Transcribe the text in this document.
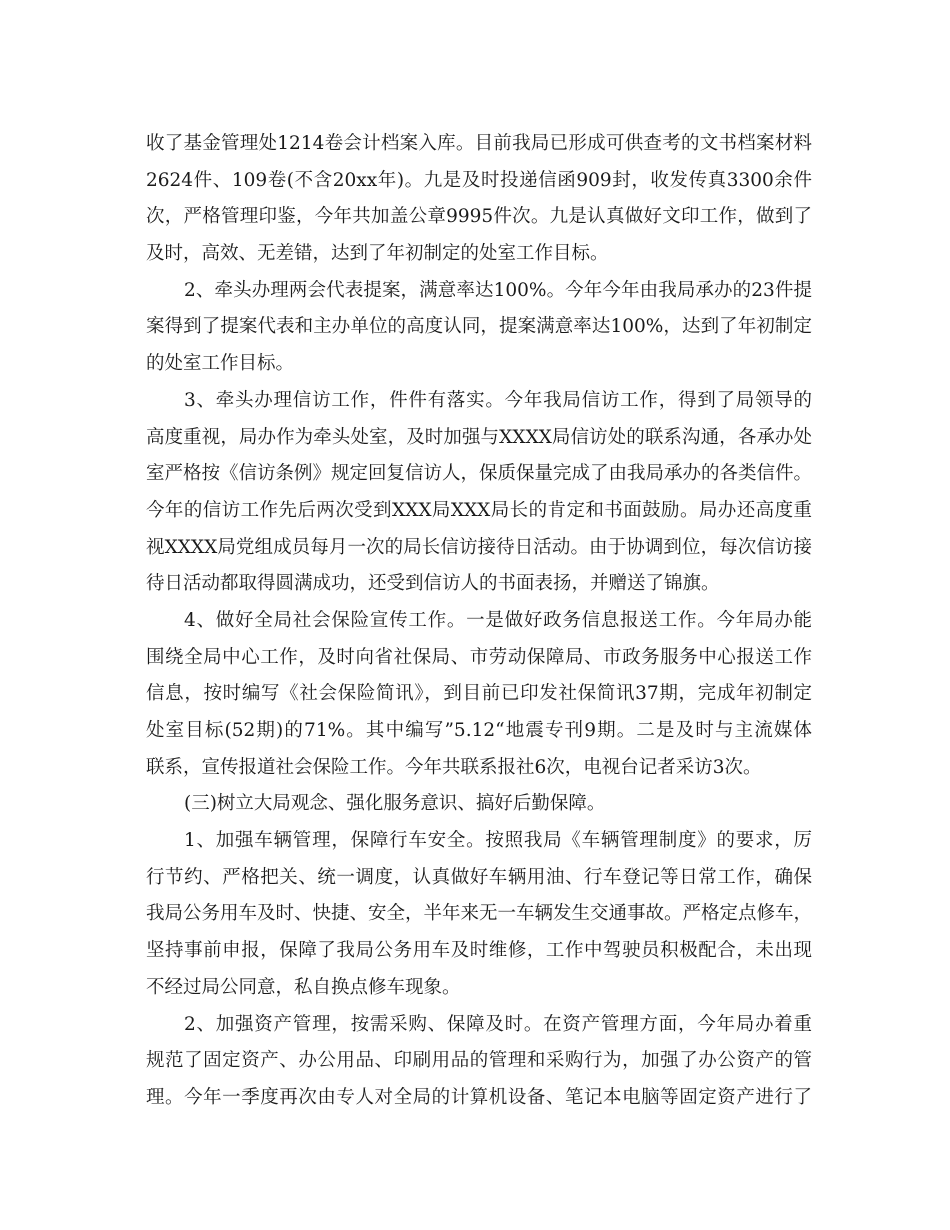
收了基金管理处1214卷会计档案入库。目前我局已形成可供查考的文书档案材料
2624件、109卷(不含20xx年)。九是及时投递信函909封，收发传真3300余件
次，严格管理印鉴，今年共加盖公章9995件次。九是认真做好文印工作，做到了
及时，高效、无差错，达到了年初制定的处室工作目标。
2、牵头办理两会代表提案，满意率达100%。今年今年由我局承办的23件提
案得到了提案代表和主办单位的高度认同，提案满意率达100%，达到了年初制定
的处室工作目标。
3、牵头办理信访工作，件件有落实。今年我局信访工作，得到了局领导的
高度重视，局办作为牵头处室，及时加强与XXXX局信访处的联系沟通，各承办处
室严格按《信访条例》规定回复信访人，保质保量完成了由我局承办的各类信件。
今年的信访工作先后两次受到XXX局XXX局长的肯定和书面鼓励。局办还高度重
视XXXX局党组成员每月一次的局长信访接待日活动。由于协调到位，每次信访接
待日活动都取得圆满成功，还受到信访人的书面表扬，并赠送了锦旗。
4、做好全局社会保险宣传工作。一是做好政务信息报送工作。今年局办能
围绕全局中心工作，及时向省社保局、市劳动保障局、市政务服务中心报送工作
信息，按时编写《社会保险简讯》，到目前已印发社保简讯37期，完成年初制定
处室目标(52期)的71%。其中编写”5.12“地震专刊9期。二是及时与主流媒体
联系，宣传报道社会保险工作。今年共联系报社6次，电视台记者采访3次。
(三)树立大局观念、强化服务意识、搞好后勤保障。
1、加强车辆管理，保障行车安全。按照我局《车辆管理制度》的要求，厉
行节约、严格把关、统一调度，认真做好车辆用油、行车登记等日常工作，确保
我局公务用车及时、快捷、安全，半年来无一车辆发生交通事故。严格定点修车，
坚持事前申报，保障了我局公务用车及时维修，工作中驾驶员积极配合，未出现
不经过局公同意，私自换点修车现象。
2、加强资产管理，按需采购、保障及时。在资产管理方面，今年局办着重
规范了固定资产、办公用品、印刷用品的管理和采购行为，加强了办公资产的管
理。今年一季度再次由专人对全局的计算机设备、笔记本电脑等固定资产进行了
